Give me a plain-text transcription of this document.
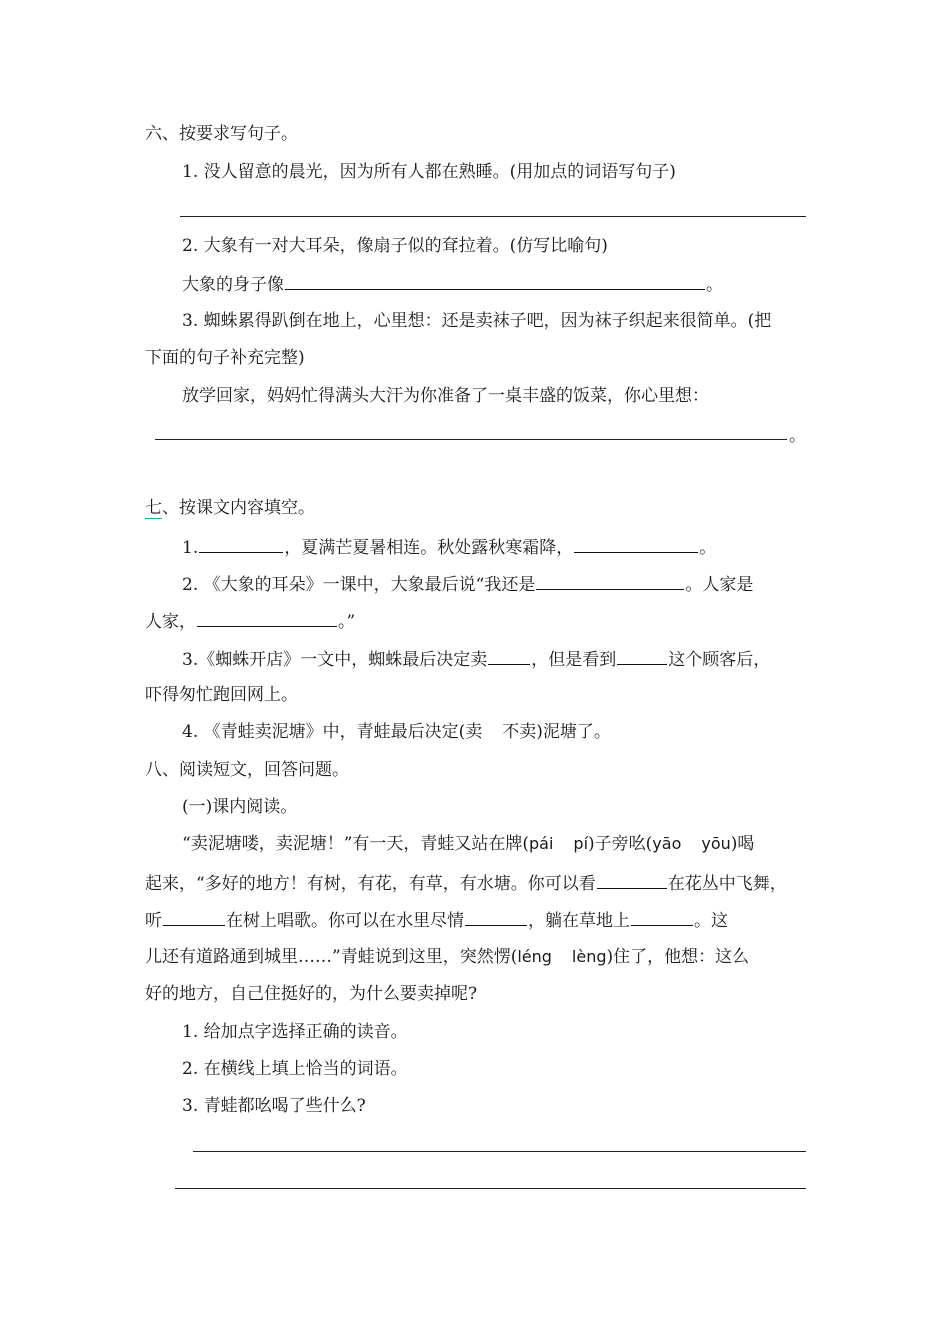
六、按要求写句子。
1. 没人留意的晨光，因为所有人都在熟睡。(用加点的词语写句子)
2. 大象有一对大耳朵，像扇子似的耷拉着。(仿写比喻句)
大象的身子像	。
3. 蜘蛛累得趴倒在地上，心里想：还是卖袜子吧，因为袜子织起来很简单。(把
下面的句子补充完整)
放学回家，妈妈忙得满头大汗为你准备了一桌丰盛的饭菜，你心里想：
。
七、按课文内容填空。
1.	，夏满芒夏暑相连。秋处露秋寒霜降，	。
2. 《大象的耳朵》一课中，大象最后说“我还是	。人家是
人家，	。”
3.《蜘蛛开店》一文中，蜘蛛最后决定卖	，但是看到	这个顾客后，
吓得匆忙跑回网上。
4. 《青蛙卖泥塘》中，青蛙最后决定(卖 不卖)泥塘了。
八、阅读短文，回答问题。
(一)课内阅读。
“卖泥塘喽，卖泥塘！”有一天，青蛙又站在牌(pái pí)子旁吆(yāo yōu)喝
起来，“多好的地方！有树，有花，有草，有水塘。你可以看	在花丛中飞舞，
听	在树上唱歌。你可以在水里尽情	，躺在草地上	。这
儿还有道路通到城里……”青蛙说到这里，突然愣(léng lèng)住了，他想：这么
好的地方，自己住挺好的，为什么要卖掉呢?
1. 给加点字选择正确的读音。
2. 在横线上填上恰当的词语。
3. 青蛙都吆喝了些什么?
